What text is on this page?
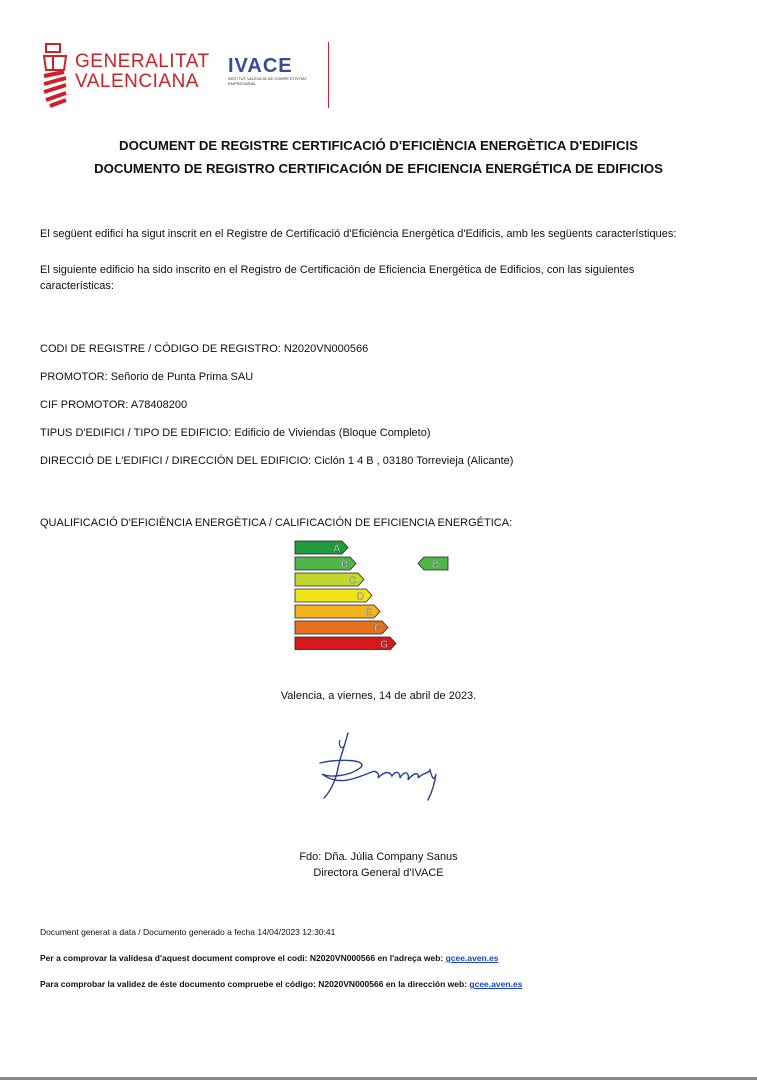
GENERALITAT
VALENCIANA
IVACE
INSTITUT VALENCIÀ DE COMPETITIVITAT EMPRESARIAL
DOCUMENT DE REGISTRE CERTIFICACIÓ D'EFICIÈNCIA ENERGÈTICA D'EDIFICIS
DOCUMENTO DE REGISTRO CERTIFICACIÓN DE EFICIENCIA ENERGÉTICA DE EDIFICIOS
El següent edifici ha sigut inscrit en el Registre de Certificació d'Eficiència Energètica d'Edificis, amb les següents característiques:
El siguiente edificio ha sido inscrito en el Registro de Certificación de Eficiencia Energética de Edificios, con las siguientes características:
CODI DE REGISTRE / CÓDIGO DE REGISTRO: N2020VN000566
PROMOTOR: Señorio de Punta Prima SAU
CIF PROMOTOR: A78408200
TIPUS D'EDIFICI / TIPO DE EDIFICIO: Edificio de Viviendas (Bloque Completo)
DIRECCIÓ DE L'EDIFICI / DIRECCIÓN DEL EDIFICIO: Ciclón 1 4 B , 03180 Torrevieja (Alicante)
QUALIFICACIÓ D'EFICIÈNCIA ENERGÈTICA / CALIFICACIÓN DE EFICIENCIA ENERGÉTICA:
A
B
C
D
E
F
G
B
Valencia, a viernes, 14 de abril de 2023.
Fdo: Dña. Júlia Company Sanus
Directora General d'IVACE
Document generat a data / Documento generado a fecha 14/04/2023 12:30:41
Per a comprovar la validesa d'aquest document comprove el codi: N2020VN000566 en l'adreça web: gcee.aven.es
Para comprobar la validez de éste documento compruebe el código: N2020VN000566 en la dirección web: gcee.aven.es
